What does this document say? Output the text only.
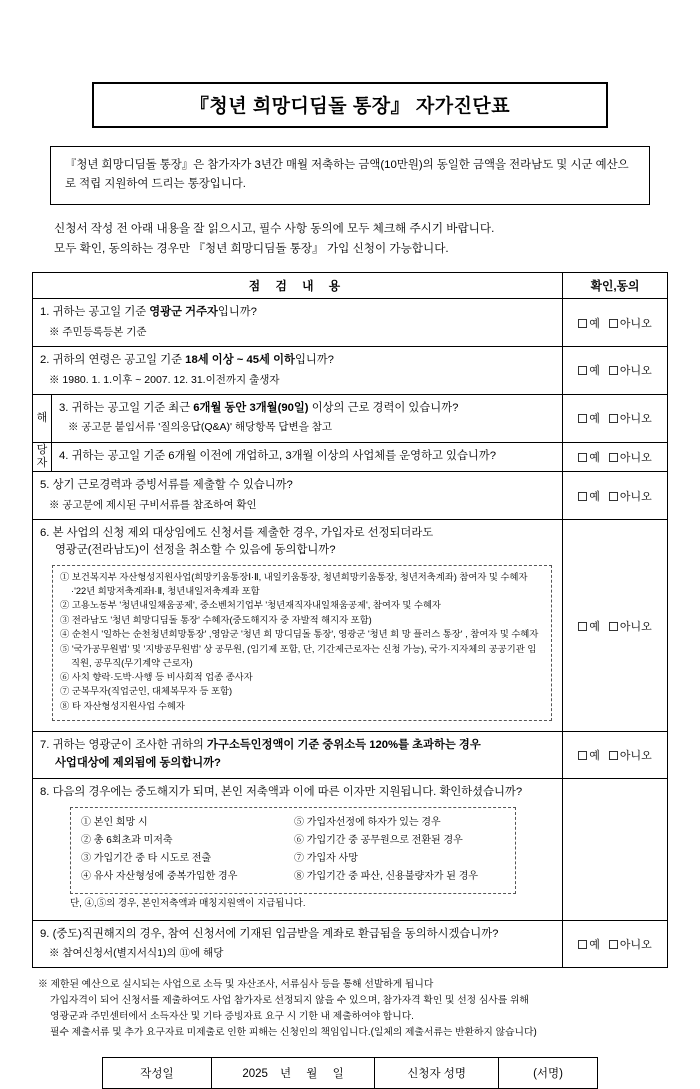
『청년 희망디딤돌 통장』 자가진단표
『청년 희망디딤돌 통장』은 참가자가 3년간 매월 저축하는 금액(10만원)의 동일한 금액을 전라남도 및 시군 예산으로 적립 지원하여 드리는 통장입니다.
신청서 작성 전 아래 내용을 잘 읽으시고, 필수 사항 동의에 모두 체크해 주시기 바랍니다.
모두 확인, 동의하는 경우만 『청년 희망디딤돌 통장』 가입 신청이 가능합니다.
점 검 내 용		확인,동의
1. 귀하는 공고일 기준 영광군 거주자입니까?
※ 주민등록등본 기준		예 아니오
2. 귀하의 연령은 공고일 기준 18세 이상 ~ 45세 이하입니까?
※ 1980. 1. 1.이후 ~ 2007. 12. 31.이전까지 출생자		예 아니오
해	3. 귀하는 공고일 기준 최근 6개월 동안 3개월(90일) 이상의 근로 경력이 있습니까?
※ 공고문 붙임서류 '질의응답(Q&A)' 해당항목 답변을 참고	예 아니오
당
자	4. 귀하는 공고일 기준 6개월 이전에 개업하고, 3개월 이상의 사업체를 운영하고 있습니까?	예 아니오
5. 상기 근로경력과 증빙서류를 제출할 수 있습니까?
※ 공고문에 제시된 구비서류를 참조하여 확인		예 아니오
6. 본 사업의 신청 제외 대상임에도 신청서를 제출한 경우, 가입자로 선정되더라도
영광군(전라남도)이 선정을 취소할 수 있음에 동의합니까?
① 보건복지부 자산형성지원사업(희망키움통장Ⅰ·Ⅱ, 내일키움통장, 청년희망키움통장, 청년저축계좌) 참여자 및 수혜자 ·'22년 희망저축계좌Ⅰ·Ⅱ, 청년내일저축계좌 포함
② 고용노동부 '청년내일채움공제', 중소벤처기업부 '청년재직자내일채움공제', 참여자 및 수혜자
③ 전라남도 '청년 희망디딤돌 통장' 수혜자(중도해지자 중 자발적 해지자 포함)
④ 순천시 '일하는 순천청년희망통장' ,영암군 '청년 희 망디딤돌 통장', 영광군 '청년 희 망 플러스 통장' , 참여자 및 수혜자
⑤ '국가공무원법' 및 '지방공무원법' 상 공무원, (임기제 포함, 단, 기간제근로자는 신청 가능), 국가·지자체의 공공기관 임직원, 공무직(무기계약 근로자)
⑥ 사치 향락·도박·사행 등 비사회적 업종 종사자
⑦ 군복무자(직업군인, 대체복무자 등 포함)
⑧ 타 자산형성지원사업 수혜자
	예 아니오
7. 귀하는 영광군이 조사한 귀하의 가구소득인정액이 기준 중위소득 120%를 초과하는 경우
사업대상에 제외됨에 동의합니까?		예 아니오
8. 다음의 경우에는 중도해지가 되며, 본인 저축액과 이에 따른 이자만 지원됩니다. 확인하셨습니까?
① 본인 희망 시
② 총 6회초과 미저축
③ 가입기간 중 타 시도로 전출
④ 유사 자산형성에 중복가입한 경우
⑤ 가입자선정에 하자가 있는 경우
⑥ 가입기간 중 공무원으로 전환된 경우
⑦ 가입자 사망
⑧ 가입기간 중 파산, 신용불량자가 된 경우
단, ④,⑤의 경우, 본인저축액과 매칭지원액이 지급됩니다.

9. (중도)직권해지의 경우, 참여 신청서에 기재된 입금받을 계좌로 환급됨을 동의하시겠습니까?
※ 참여신청서(별지서식1)의 ⑪에 해당		예 아니오
※ 제한된 예산으로 실시되는 사업으로 소득 및 자산조사, 서류심사 등을 통해 선발하게 됩니다
가입자격이 되어 신청서를 제출하여도 사업 참가자로 선정되지 않을 수 있으며, 참가자격 확인 및 선정 심사를 위해
영광군과 주민센터에서 소득자산 및 기타 증빙자료 요구 시 기한 내 제출하여야 합니다.
필수 제출서류 및 추가 요구자료 미제출로 인한 피해는 신청인의 책임입니다.(일체의 제출서류는 반환하지 않습니다)
작성일	2025 년 월 일	신청자 성명	(서명)
